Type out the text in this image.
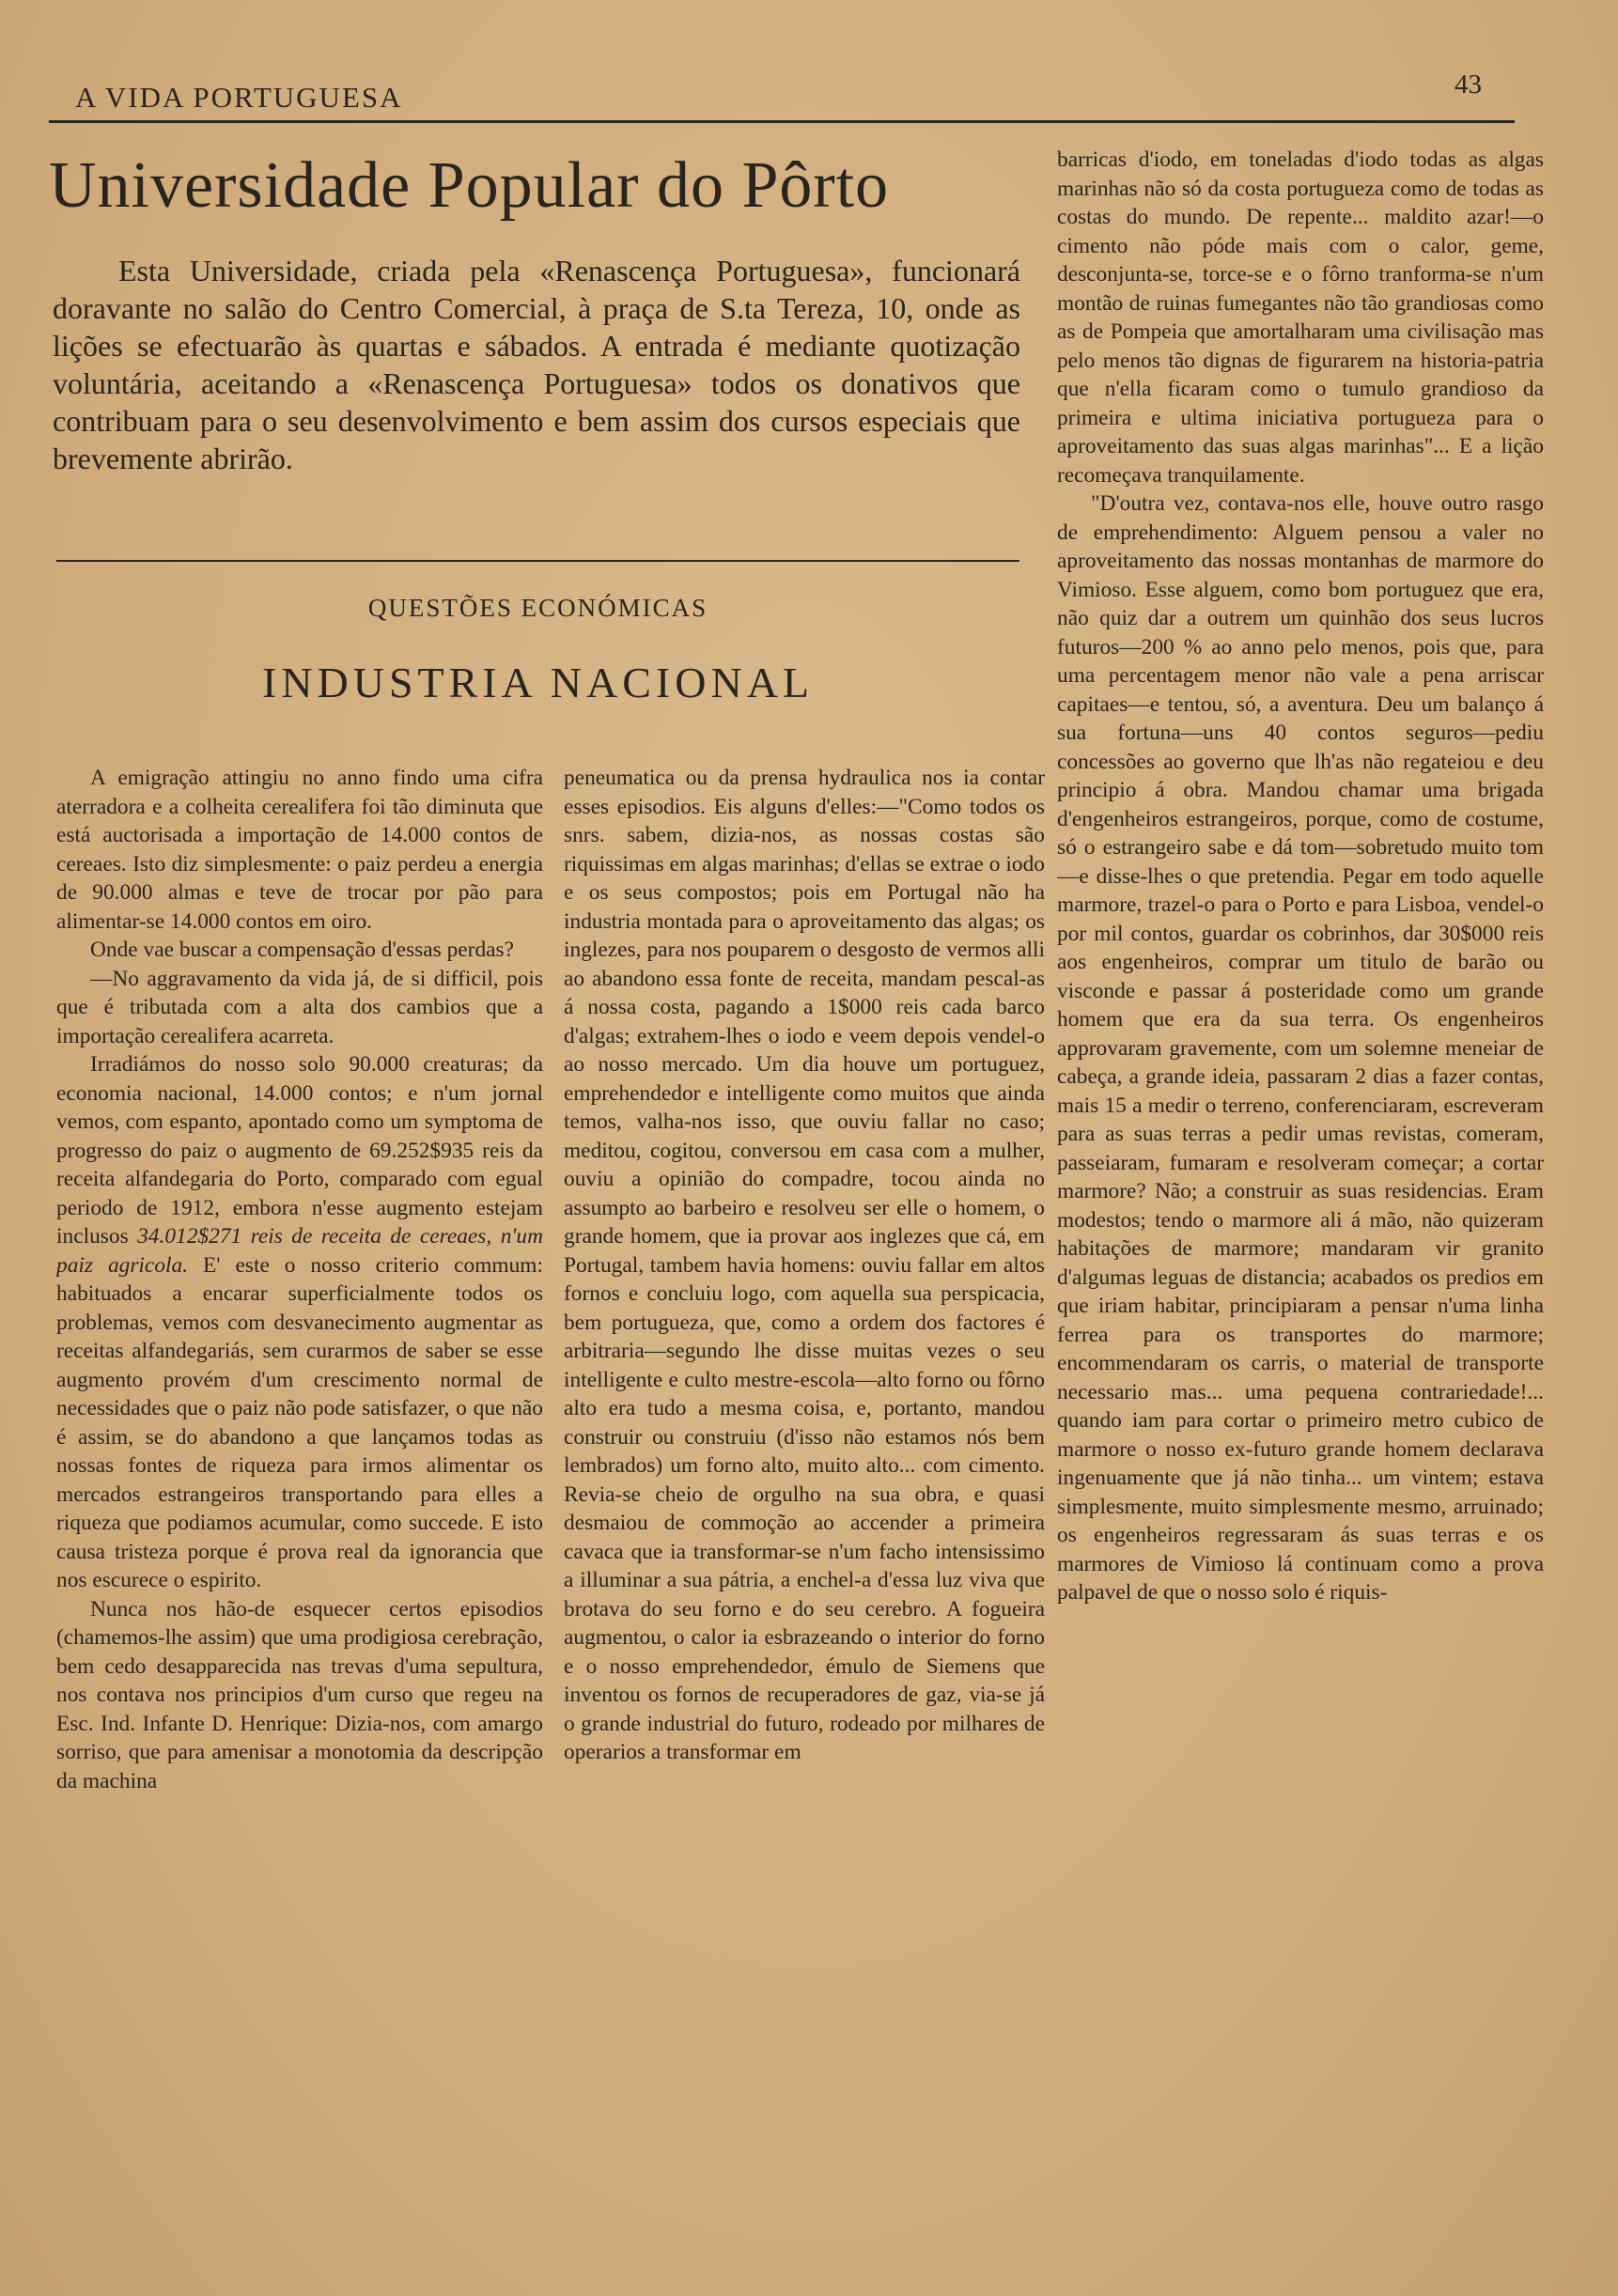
A VIDA PORTUGUESA	43
Universidade Popular do Pôrto

Esta Universidade, criada pela «Renascença Portuguesa», funcionará doravante no salão do Centro Comercial, à praça de S.ta Tereza, 10, onde as lições se efectuarão às quartas e sábados. A entrada é mediante quotização voluntária, aceitando a «Renascença Portuguesa» todos os donativos que contribuam para o seu desenvolvimento e bem assim dos cursos especiais que brevemente abrirão.

QUESTÕES ECONÓMICAS
INDUSTRIA NACIONAL

A emigração attingiu no anno findo uma cifra aterradora e a colheita cerealifera foi tão diminuta que está auctorisada a importação de 14.000 contos de cereaes. Isto diz simplesmente: o paiz perdeu a energia de 90.000 almas e teve de trocar por pão para alimentar-se 14.000 contos em oiro.

Onde vae buscar a compensação d'essas perdas?

—No aggravamento da vida já, de si difficil, pois que é tributada com a alta dos cambios que a importação cerealifera acarreta.

Irradiámos do nosso solo 90.000 creaturas; da economia nacional, 14.000 contos; e n'um jornal vemos, com espanto, apontado como um symptoma de progresso do paiz o augmento de 69.252$935 reis da receita alfandegaria do Porto, comparado com egual periodo de 1912, embora n'esse augmento estejam inclusos 34.012$271 reis de receita de cereaes, n'um paiz agricola. E' este o nosso criterio commum: habituados a encarar superficialmente todos os problemas, vemos com desvanecimento augmentar as receitas alfandegariás, sem curarmos de saber se esse augmento provém d'um crescimento normal de necessidades que o paiz não pode satisfazer, o que não é assim, se do abandono a que lançamos todas as nossas fontes de riqueza para irmos alimentar os mercados estrangeiros transportando para elles a riqueza que podiamos acumular, como succede. E isto causa tristeza porque é prova real da ignorancia que nos escurece o espirito.

Nunca nos hão-de esquecer certos episodios (chamemos-lhe assim) que uma prodigiosa cerebração, bem cedo desapparecida nas trevas d'uma sepultura, nos contava nos principios d'um curso que regeu na Esc. Ind. Infante D. Henrique: Dizia-nos, com amargo sorriso, que para amenisar a monotomia da descripção da machina

peneumatica ou da prensa hydraulica nos ia contar esses episodios. Eis alguns d'elles:—"Como todos os snrs. sabem, dizia-nos, as nossas costas são riquissimas em algas marinhas; d'ellas se extrae o iodo e os seus compostos; pois em Portugal não ha industria montada para o aproveitamento das algas; os inglezes, para nos pouparem o desgosto de vermos alli ao abandono essa fonte de receita, mandam pescal-as á nossa costa, pagando a 1$000 reis cada barco d'algas; extrahem-lhes o iodo e veem depois vendel-o ao nosso mercado. Um dia houve um portuguez, emprehendedor e intelligente como muitos que ainda temos, valha-nos isso, que ouviu fallar no caso; meditou, cogitou, conversou em casa com a mulher, ouviu a opinião do compadre, tocou ainda no assumpto ao barbeiro e resolveu ser elle o homem, o grande homem, que ia provar aos inglezes que cá, em Portugal, tambem havia homens: ouviu fallar em altos fornos e concluiu logo, com aquella sua perspicacia, bem portugueza, que, como a ordem dos factores é arbitraria—segundo lhe disse muitas vezes o seu intelligente e culto mestre-escola—alto forno ou fôrno alto era tudo a mesma coisa, e, portanto, mandou construir ou construiu (d'isso não estamos nós bem lembrados) um forno alto, muito alto... com cimento. Revia-se cheio de orgulho na sua obra, e quasi desmaiou de commoção ao accender a primeira cavaca que ia transformar-se n'um facho intensissimo a illuminar a sua pátria, a enchel-a d'essa luz viva que brotava do seu forno e do seu cerebro. A fogueira augmentou, o calor ia esbrazeando o interior do forno e o nosso emprehendedor, émulo de Siemens que inventou os fornos de recuperadores de gaz, via-se já o grande industrial do futuro, rodeado por milhares de operarios a transformar em

barricas d'iodo, em toneladas d'iodo todas as algas marinhas não só da costa portugueza como de todas as costas do mundo. De repente... maldito azar!—o cimento não póde mais com o calor, geme, desconjunta-se, torce-se e o fôrno tranforma-se n'um montão de ruinas fumegantes não tão grandiosas como as de Pompeia que amortalharam uma civilisação mas pelo menos tão dignas de figurarem na historia-patria que n'ella ficaram como o tumulo grandioso da primeira e ultima iniciativa portugueza para o aproveitamento das suas algas marinhas"... E a lição recomeçava tranquilamente.

"D'outra vez, contava-nos elle, houve outro rasgo de emprehendimento: Alguem pensou a valer no aproveitamento das nossas montanhas de marmore do Vimioso. Esse alguem, como bom portuguez que era, não quiz dar a outrem um quinhão dos seus lucros futuros—200 % ao anno pelo menos, pois que, para uma percentagem menor não vale a pena arriscar capitaes—e tentou, só, a aventura. Deu um balanço á sua fortuna—uns 40 contos seguros—pediu concessões ao governo que lh'as não regateiou e deu principio á obra. Mandou chamar uma brigada d'engenheiros estrangeiros, porque, como de costume, só o estrangeiro sabe e dá tom—sobretudo muito tom—e disse-lhes o que pretendia. Pegar em todo aquelle marmore, trazel-o para o Porto e para Lisboa, vendel-o por mil contos, guardar os cobrinhos, dar 30$000 reis aos engenheiros, comprar um titulo de barão ou visconde e passar á posteridade como um grande homem que era da sua terra. Os engenheiros approvaram gravemente, com um solemne meneiar de cabeça, a grande ideia, passaram 2 dias a fazer contas, mais 15 a medir o terreno, conferenciaram, escreveram para as suas terras a pedir umas revistas, comeram, passeiaram, fumaram e resolveram começar; a cortar marmore? Não; a construir as suas residencias. Eram modestos; tendo o marmore ali á mão, não quizeram habitações de marmore; mandaram vir granito d'algumas leguas de distancia; acabados os predios em que iriam habitar, principiaram a pensar n'uma linha ferrea para os transportes do marmore; encommendaram os carris, o material de transporte necessario mas... uma pequena contrariedade!... quando iam para cortar o primeiro metro cubico de marmore o nosso ex-futuro grande homem declarava ingenuamente que já não tinha... um vintem; estava simplesmente, muito simplesmente mesmo, arruinado; os engenheiros regressaram ás suas terras e os marmores de Vimioso lá continuam como a prova palpavel de que o nosso solo é riquis-
